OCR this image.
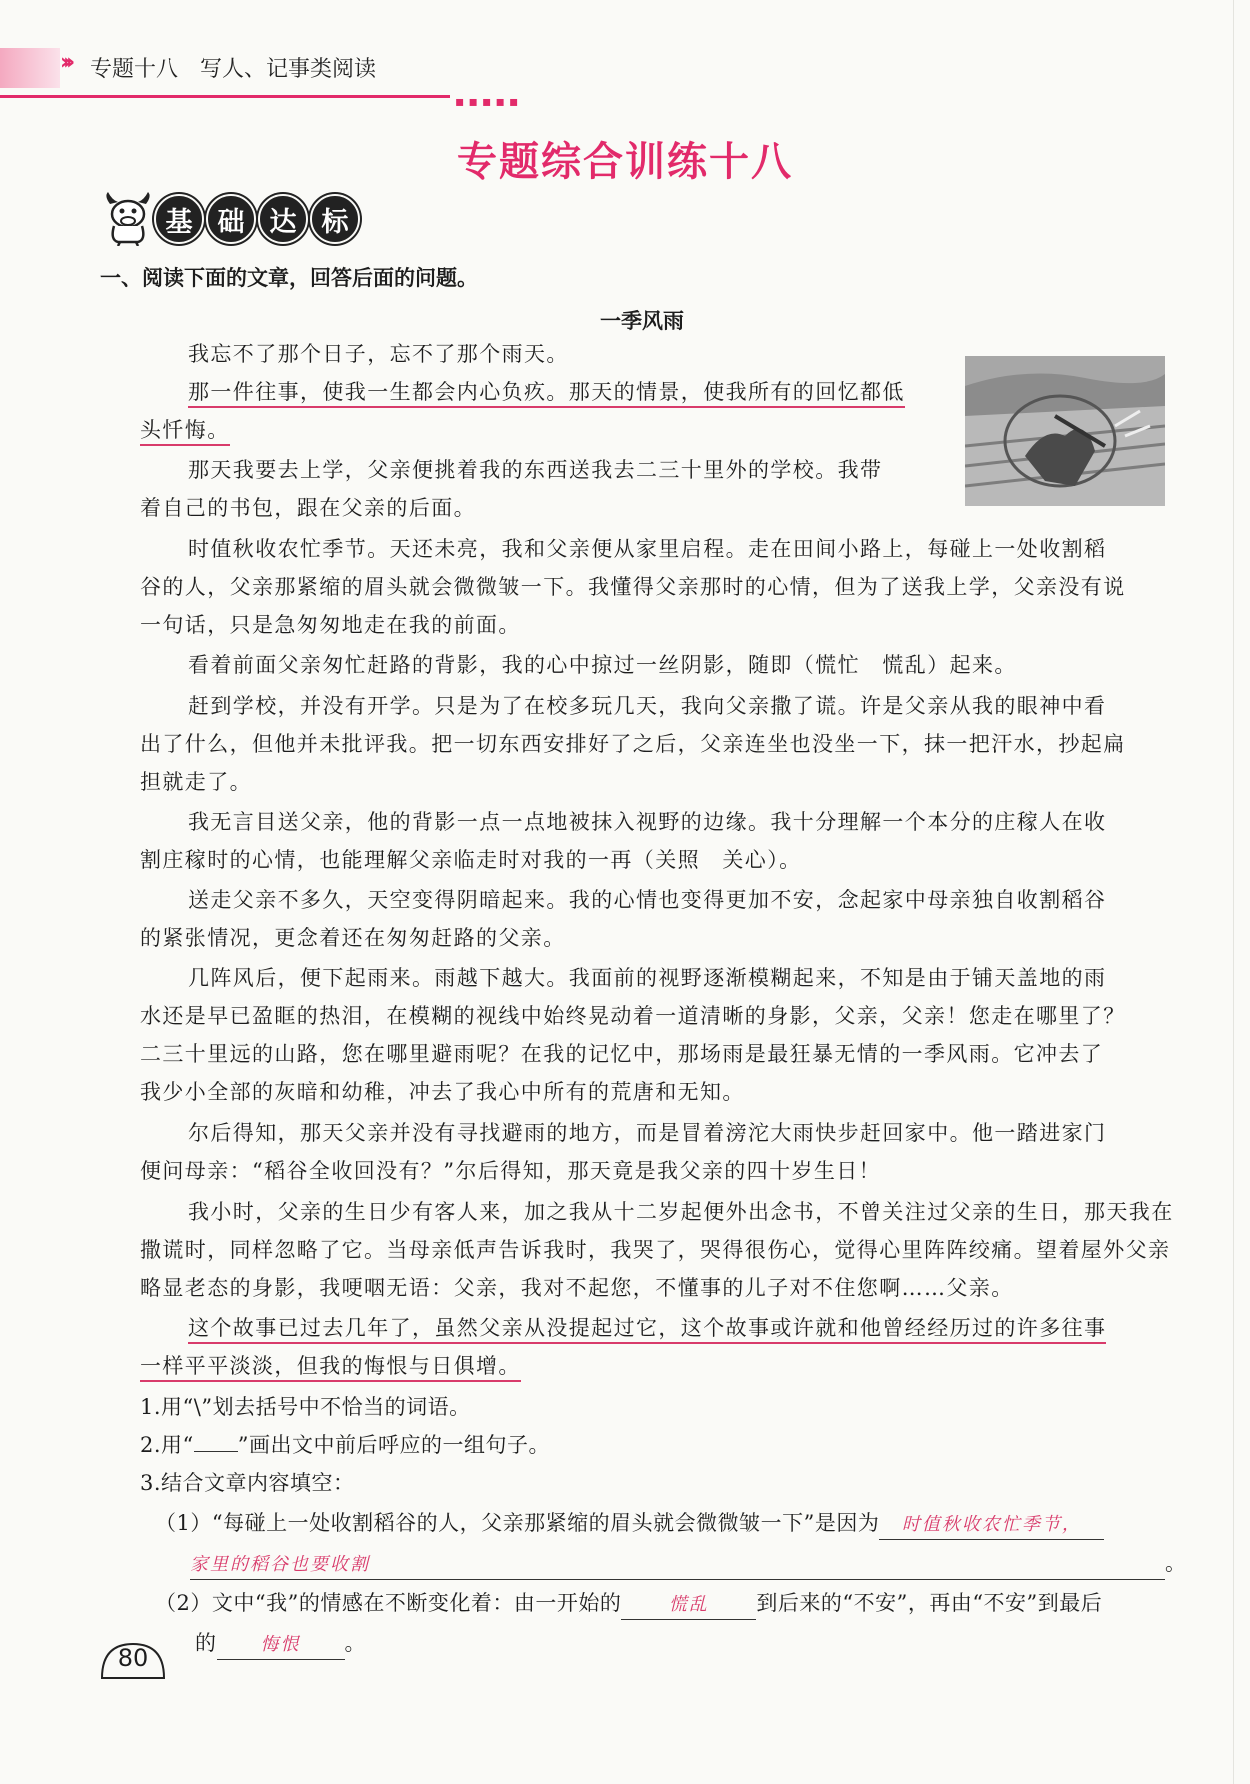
››› 专题十八　写人、记事类阅读
▪▪▪▪▪
专题综合训练十八
基 础 达 标
一、阅读下面的文章，回答后面的问题。
一季风雨
我忘不了那个日子，忘不了那个雨天。
那一件往事，使我一生都会内心负疚。那天的情景，使我所有的回忆都低
头忏悔。
那天我要去上学，父亲便挑着我的东西送我去二三十里外的学校。我带
着自己的书包，跟在父亲的后面。
时值秋收农忙季节。天还未亮，我和父亲便从家里启程。走在田间小路上，每碰上一处收割稻
谷的人，父亲那紧缩的眉头就会微微皱一下。我懂得父亲那时的心情，但为了送我上学，父亲没有说
一句话，只是急匆匆地走在我的前面。
看着前面父亲匆忙赶路的背影，我的心中掠过一丝阴影，随即（慌忙　慌乱）起来。
赶到学校，并没有开学。只是为了在校多玩几天，我向父亲撒了谎。许是父亲从我的眼神中看
出了什么，但他并未批评我。把一切东西安排好了之后，父亲连坐也没坐一下，抹一把汗水，抄起扁
担就走了。
我无言目送父亲，他的背影一点一点地被抹入视野的边缘。我十分理解一个本分的庄稼人在收
割庄稼时的心情，也能理解父亲临走时对我的一再（关照　关心）。
送走父亲不多久，天空变得阴暗起来。我的心情也变得更加不安，念起家中母亲独自收割稻谷
的紧张情况，更念着还在匆匆赶路的父亲。
几阵风后，便下起雨来。雨越下越大。我面前的视野逐渐模糊起来，不知是由于铺天盖地的雨
水还是早已盈眶的热泪，在模糊的视线中始终晃动着一道清晰的身影，父亲，父亲！您走在哪里了？
二三十里远的山路，您在哪里避雨呢？在我的记忆中，那场雨是最狂暴无情的一季风雨。它冲去了
我少小全部的灰暗和幼稚，冲去了我心中所有的荒唐和无知。
尔后得知，那天父亲并没有寻找避雨的地方，而是冒着滂沱大雨快步赶回家中。他一踏进家门
便问母亲：“稻谷全收回没有？”尔后得知，那天竟是我父亲的四十岁生日！
我小时，父亲的生日少有客人来，加之我从十二岁起便外出念书，不曾关注过父亲的生日，那天我在
撒谎时，同样忽略了它。当母亲低声告诉我时，我哭了，哭得很伤心，觉得心里阵阵绞痛。望着屋外父亲
略显老态的身影，我哽咽无语：父亲，我对不起您，不懂事的儿子对不住您啊……父亲。
这个故事已过去几年了，虽然父亲从没提起过它，这个故事或许就和他曾经经历过的许多往事
一样平平淡淡，但我的悔恨与日俱增。
1.用“\”划去括号中不恰当的词语。
2.用“ ”画出文中前后呼应的一组句子。
3.结合文章内容填空：
（1）“每碰上一处收割稻谷的人，父亲那紧缩的眉头就会微微皱一下”是因为 时值秋收农忙季节，
家里的稻谷也要收割	。
（2）文中“我”的情感在不断变化着：由一开始的	慌乱 到后来的“不安”，再由“不安”到最后
的 悔恨 。
80
